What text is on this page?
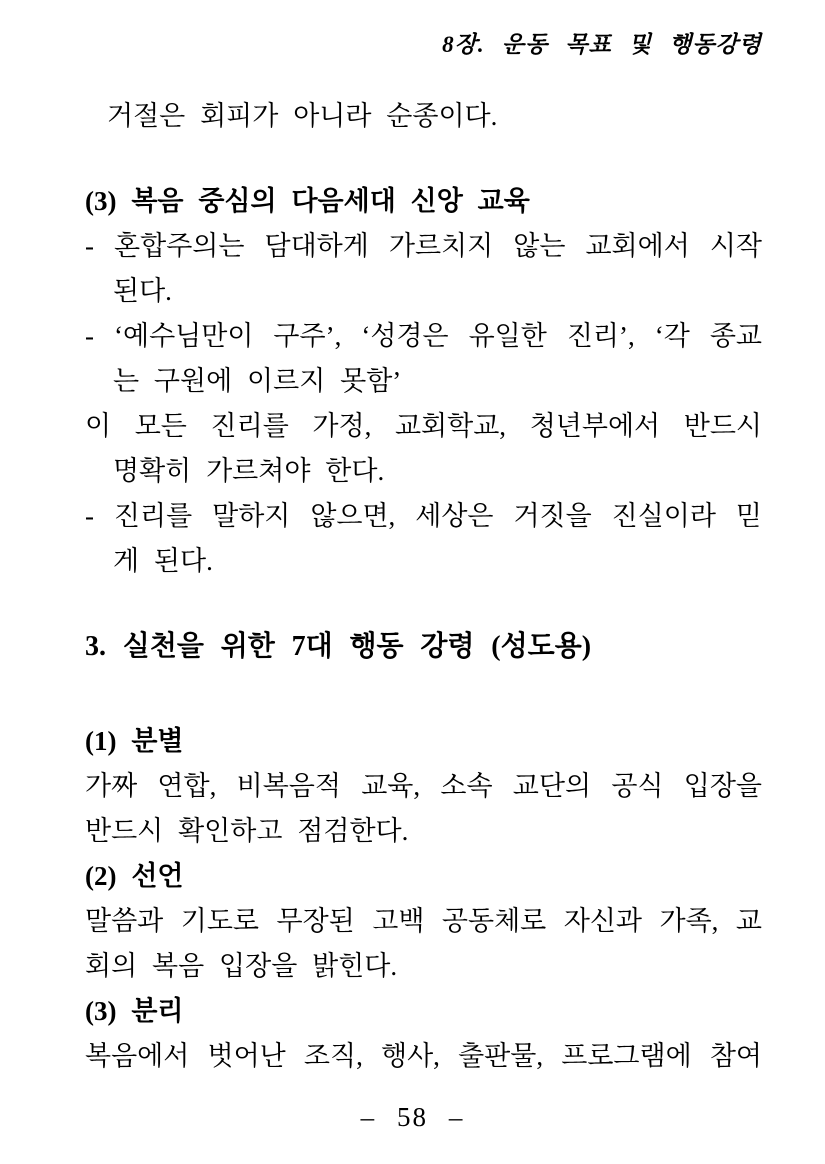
8장. 운동 목표 및 행동강령
거절은 회피가 아니라 순종이다.
(3) 복음 중심의 다음세대 신앙 교육
- 혼합주의는 담대하게 가르치지 않는 교회에서 시작
된다.
- ‘예수님만이 구주’, ‘성경은 유일한 진리’, ‘각 종교
는 구원에 이르지 못함’
이 모든 진리를 가정, 교회학교, 청년부에서 반드시
명확히 가르쳐야 한다.
- 진리를 말하지 않으면, 세상은 거짓을 진실이라 믿
게 된다.
3. 실천을 위한 7대 행동 강령 (성도용)
(1) 분별
가짜 연합, 비복음적 교육, 소속 교단의 공식 입장을
반드시 확인하고 점검한다.
(2) 선언
말씀과 기도로 무장된 고백 공동체로 자신과 가족, 교
회의 복음 입장을 밝힌다.
(3) 분리
복음에서 벗어난 조직, 행사, 출판물, 프로그램에 참여
– 58 –
